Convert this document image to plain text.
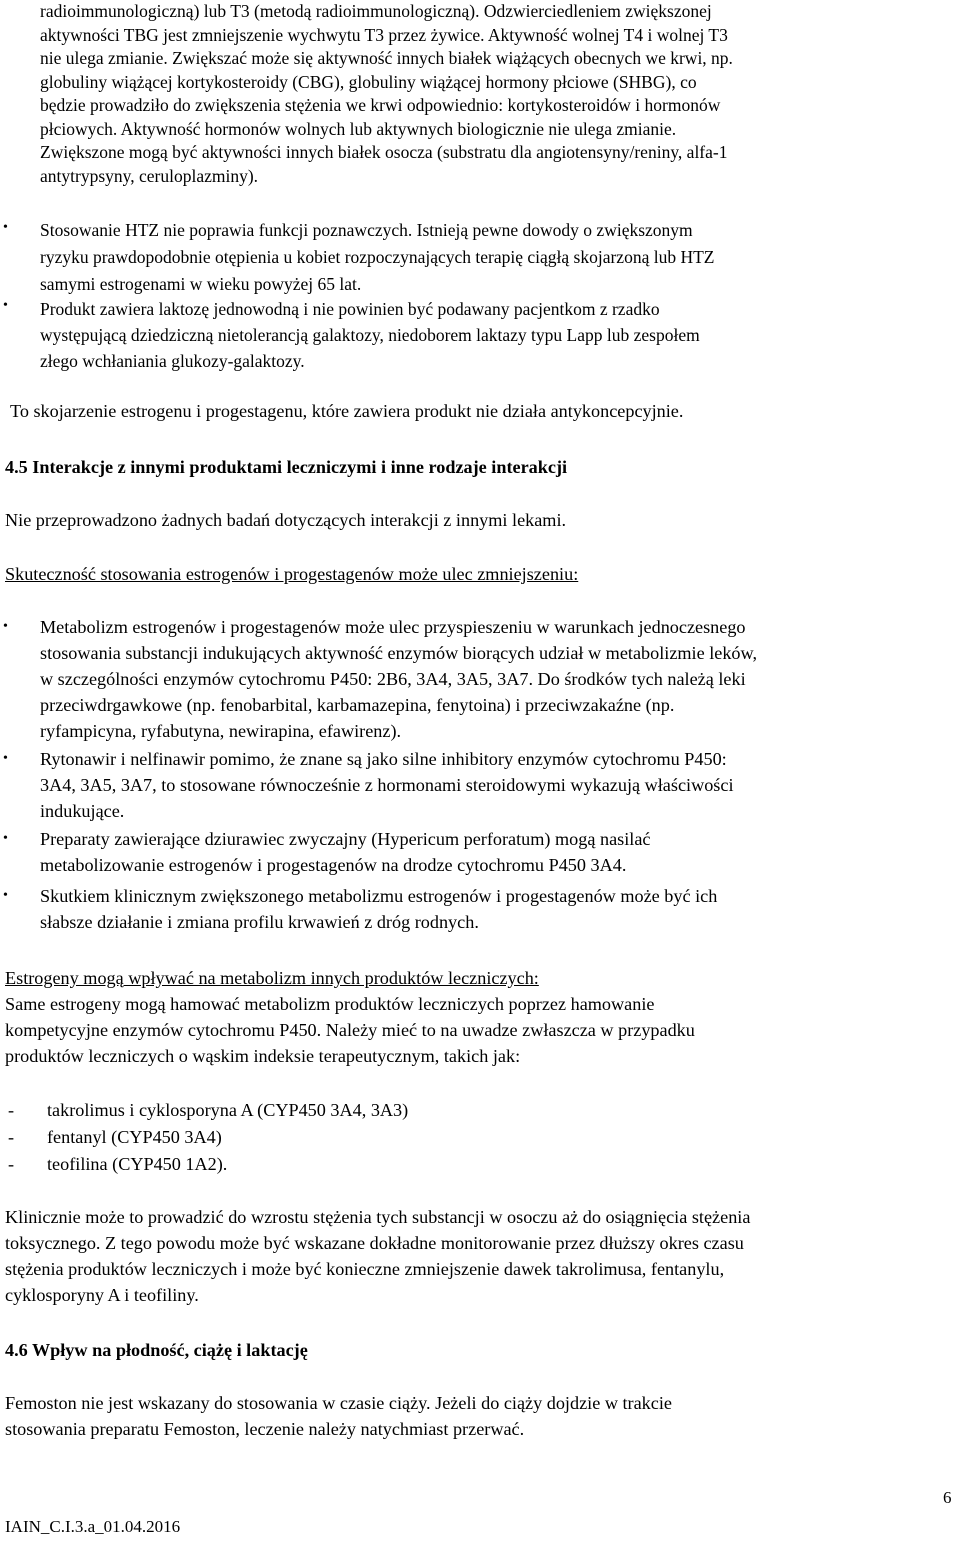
radioimmunologiczną) lub T3 (metodą radioimmunologiczną). Odzwierciedleniem zwiększonej
aktywności TBG jest zmniejszenie wychwytu T3 przez żywice. Aktywność wolnej T4 i wolnej T3
nie ulega zmianie. Zwiększać może się aktywność innych białek wiążących obecnych we krwi, np.
globuliny wiążącej kortykosteroidy (CBG), globuliny wiążącej hormony płciowe (SHBG), co
będzie prowadziło do zwiększenia stężenia we krwi odpowiednio: kortykosteroidów i hormonów
płciowych. Aktywność hormonów wolnych lub aktywnych biologicznie nie ulega zmianie.
Zwiększone mogą być aktywności innych białek osocza (substratu dla angiotensyny/reniny, alfa-1
antytrypsyny, ceruloplazminy).
•	Stosowanie HTZ nie poprawia funkcji poznawczych. Istnieją pewne dowody o zwiększonym
ryzyku prawdopodobnie otępienia u kobiet rozpoczynających terapię ciągłą skojarzoną lub HTZ
samymi estrogenami w wieku powyżej 65 lat.
•	Produkt zawiera laktozę jednowodną i nie powinien być podawany pacjentkom z rzadko
występującą dziedziczną nietolerancją galaktozy, niedoborem laktazy typu Lapp lub zespołem
złego wchłaniania glukozy-galaktozy.
To skojarzenie estrogenu i progestagenu, które zawiera produkt nie działa antykoncepcyjnie.
4.5 Interakcje z innymi produktami leczniczymi i inne rodzaje interakcji
Nie przeprowadzono żadnych badań dotyczących interakcji z innymi lekami.
Skuteczność stosowania estrogenów i progestagenów może ulec zmniejszeniu:
•	Metabolizm estrogenów i progestagenów może ulec przyspieszeniu w warunkach jednoczesnego
stosowania substancji indukujących aktywność enzymów biorących udział w metabolizmie leków,
w szczególności enzymów cytochromu P450: 2B6, 3A4, 3A5, 3A7. Do środków tych należą leki
przeciwdrgawkowe (np. fenobarbital, karbamazepina, fenytoina) i przeciwzakaźne (np.
ryfampicyna, ryfabutyna, newirapina, efawirenz).
•	Rytonawir i nelfinawir pomimo, że znane są jako silne inhibitory enzymów cytochromu P450:
3A4, 3A5, 3A7, to stosowane równocześnie z hormonami steroidowymi wykazują właściwości
indukujące.
•	Preparaty zawierające dziurawiec zwyczajny (Hypericum perforatum) mogą nasilać
metabolizowanie estrogenów i progestagenów na drodze cytochromu P450 3A4.
•	Skutkiem klinicznym zwiększonego metabolizmu estrogenów i progestagenów może być ich
słabsze działanie i zmiana profilu krwawień z dróg rodnych.
Estrogeny mogą wpływać na metabolizm innych produktów leczniczych:
Same estrogeny mogą hamować metabolizm produktów leczniczych poprzez hamowanie
kompetycyjne enzymów cytochromu P450. Należy mieć to na uwadze zwłaszcza w przypadku
produktów leczniczych o wąskim indeksie terapeutycznym, takich jak:
- takrolimus i cyklosporyna A (CYP450 3A4, 3A3)
- fentanyl (CYP450 3A4)
- teofilina (CYP450 1A2).
Klinicznie może to prowadzić do wzrostu stężenia tych substancji w osoczu aż do osiągnięcia stężenia
toksycznego. Z tego powodu może być wskazane dokładne monitorowanie przez dłuższy okres czasu
stężenia produktów leczniczych i może być konieczne zmniejszenie dawek takrolimusa, fentanylu,
cyklosporyny A i teofiliny.
4.6 Wpływ na płodność, ciążę i laktację
Femoston nie jest wskazany do stosowania w czasie ciąży. Jeżeli do ciąży dojdzie w trakcie
stosowania preparatu Femoston, leczenie należy natychmiast przerwać.
6
IAIN_C.I.3.a_01.04.2016
